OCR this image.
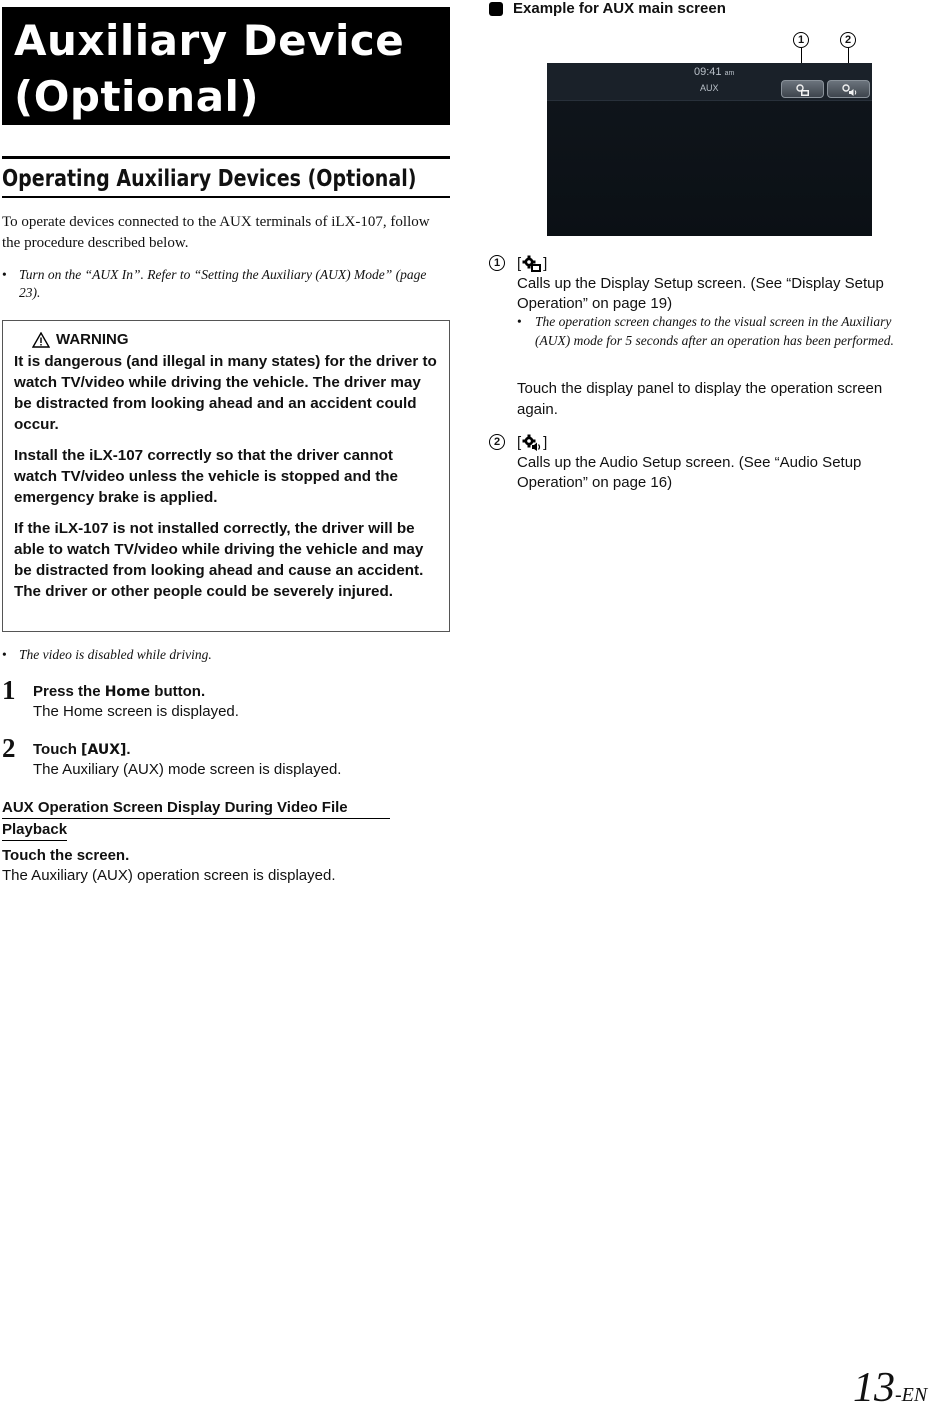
Auxiliary Device
(Optional)
Operating Auxiliary Devices (Optional)

To operate devices connected to the AUX terminals of iLX-107, follow the procedure described below.

• Turn on the “AUX In”. Refer to “Setting the Auxiliary (AUX) Mode” (page 23).
WARNING

It is dangerous (and illegal in many states) for the driver to watch TV/video while driving the vehicle. The driver may be distracted from looking ahead and an accident could occur.

Install the iLX-107 correctly so that the driver cannot watch TV/video unless the vehicle is stopped and the emergency brake is applied.

If the iLX-107 is not installed correctly, the driver will be able to watch TV/video while driving the vehicle and may be distracted from looking ahead and cause an accident. The driver or other people could be severely injured.

• The video is disabled while driving.
1 Press the Home button.
The Home screen is displayed.
2 Touch [AUX].
The Auxiliary (AUX) mode screen is displayed.
AUX Operation Screen Display During Video File
Playback
Touch the screen.
The Auxiliary (AUX) operation screen is displayed.
Example for AUX main screen
1	2
09:41 am
AUX
1	[ ]
Calls up the Display Setup screen. (See “Display Setup Operation” on page 19)
• The operation screen changes to the visual screen in the Auxiliary (AUX) mode for 5 seconds after an operation has been performed.

Touch the display panel to display the operation screen again.

2	[ ]
Calls up the Audio Setup screen. (See “Audio Setup Operation” on page 16)
13-EN
